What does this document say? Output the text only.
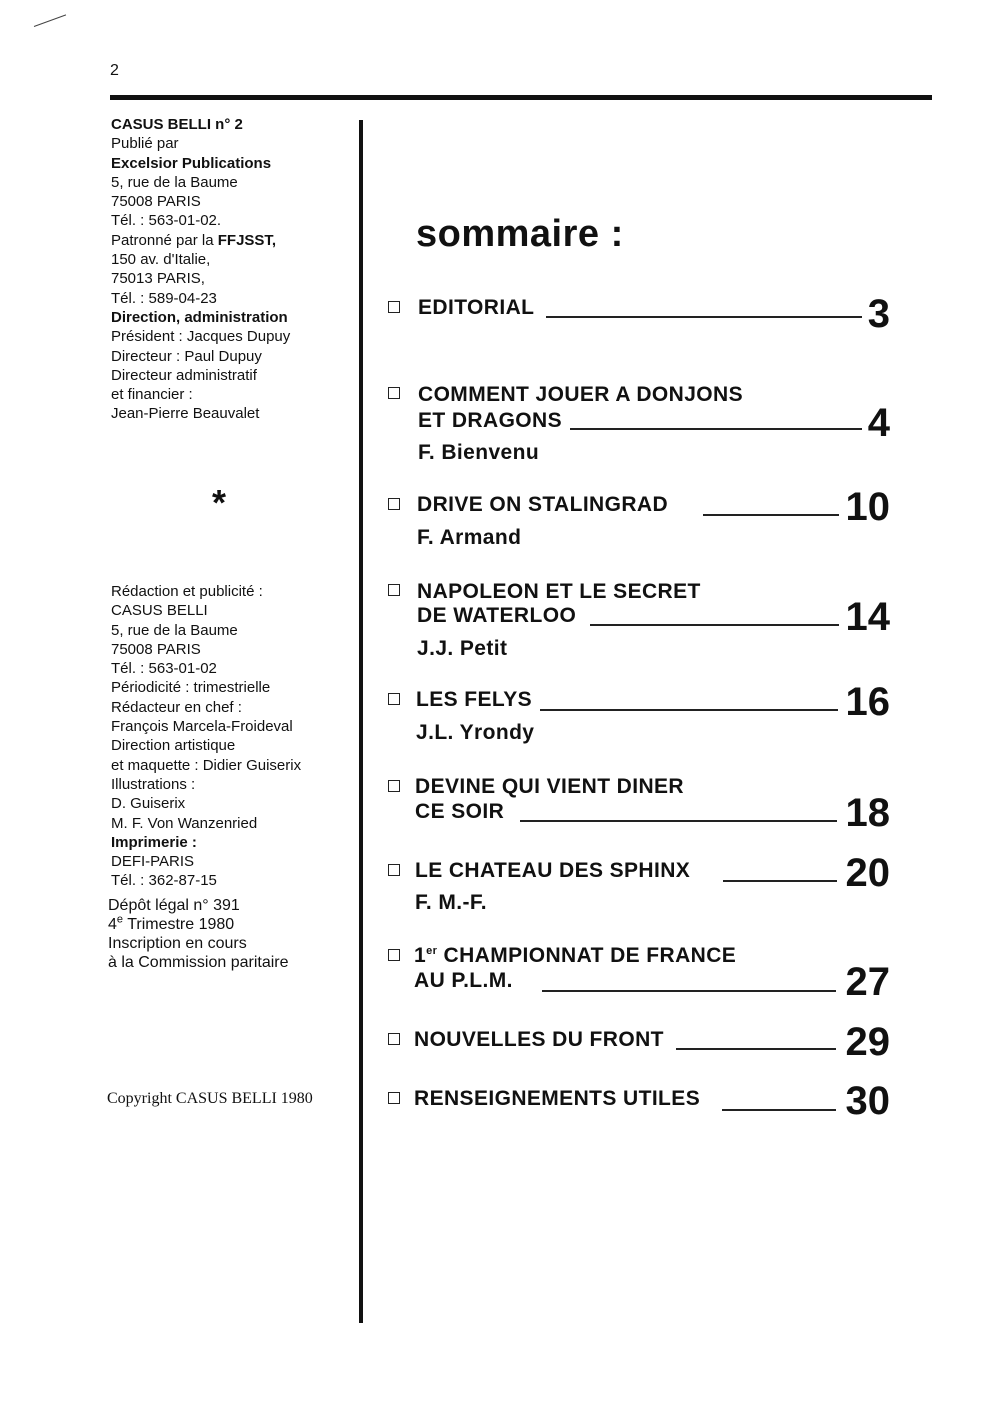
2
CASUS BELLI n° 2
Publié par
Excelsior Publications
5, rue de la Baume
75008 PARIS
Tél. : 563-01-02.
Patronné par la FFJSST,
150 av. d'Italie,
75013 PARIS,
Tél. : 589-04-23
Direction, administration
Président : Jacques Dupuy
Directeur : Paul Dupuy
Directeur administratif
et financier :
Jean-Pierre Beauvalet
*
Rédaction et publicité :
CASUS BELLI
5, rue de la Baume
75008 PARIS
Tél. : 563-01-02
Périodicité : trimestrielle
Rédacteur en chef :
François Marcela-Froideval
Direction artistique
et maquette : Didier Guiserix
Illustrations :
D. Guiserix
M. F. Von Wanzenried
Imprimerie :
DEFI-PARIS
Tél. : 362-87-15
Dépôt légal n° 391
4e Trimestre 1980
Inscription en cours
à la Commission paritaire
Copyright CASUS BELLI 1980
sommaire :
EDITORIAL	3
COMMENT JOUER A DONJONS
ET DRAGONS	4
F. Bienvenu
DRIVE ON STALINGRAD	10
F. Armand
NAPOLEON ET LE SECRET
DE WATERLOO	14
J.J. Petit
LES FELYS	16
J.L. Yrondy
DEVINE QUI VIENT DINER
CE SOIR	18
LE CHATEAU DES SPHINX	20
F. M.-F.
1er CHAMPIONNAT DE FRANCE
AU P.L.M.	27
NOUVELLES DU FRONT	29
RENSEIGNEMENTS UTILES	30
